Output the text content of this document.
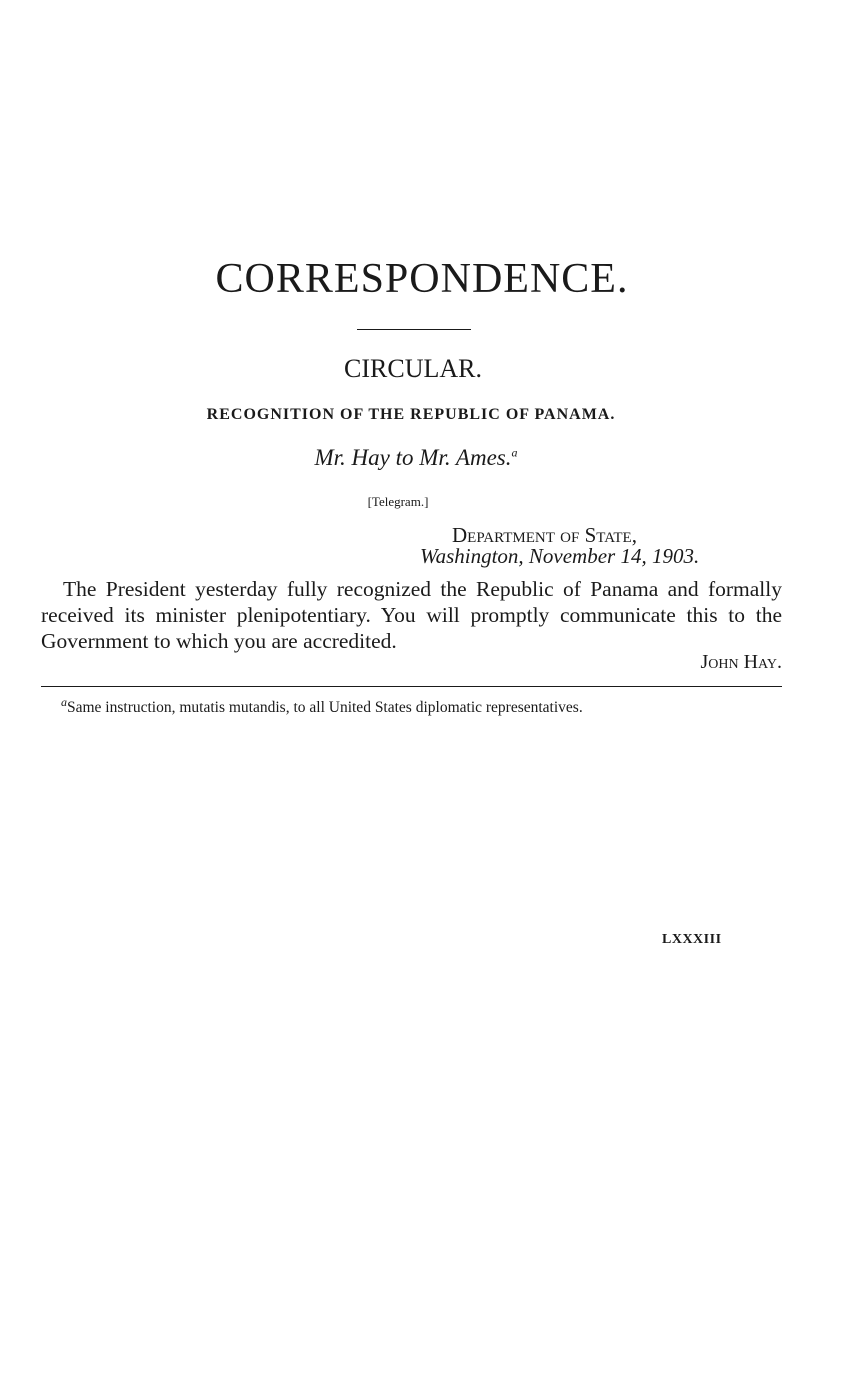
CORRESPONDENCE.
CIRCULAR.
RECOGNITION OF THE REPUBLIC OF PANAMA.
Mr. Hay to Mr. Ames.$^a$
[Telegram.]
Department of State,
Washington, November 14, 1903.

The President yesterday fully recognized the Republic of Panama and formally received its minister plenipotentiary. You will promptly communicate this to the Government to which you are accredited.

John Hay.

$^a$Same instruction, mutatis mutandis, to all United States diplomatic representatives.

LXXXIII
